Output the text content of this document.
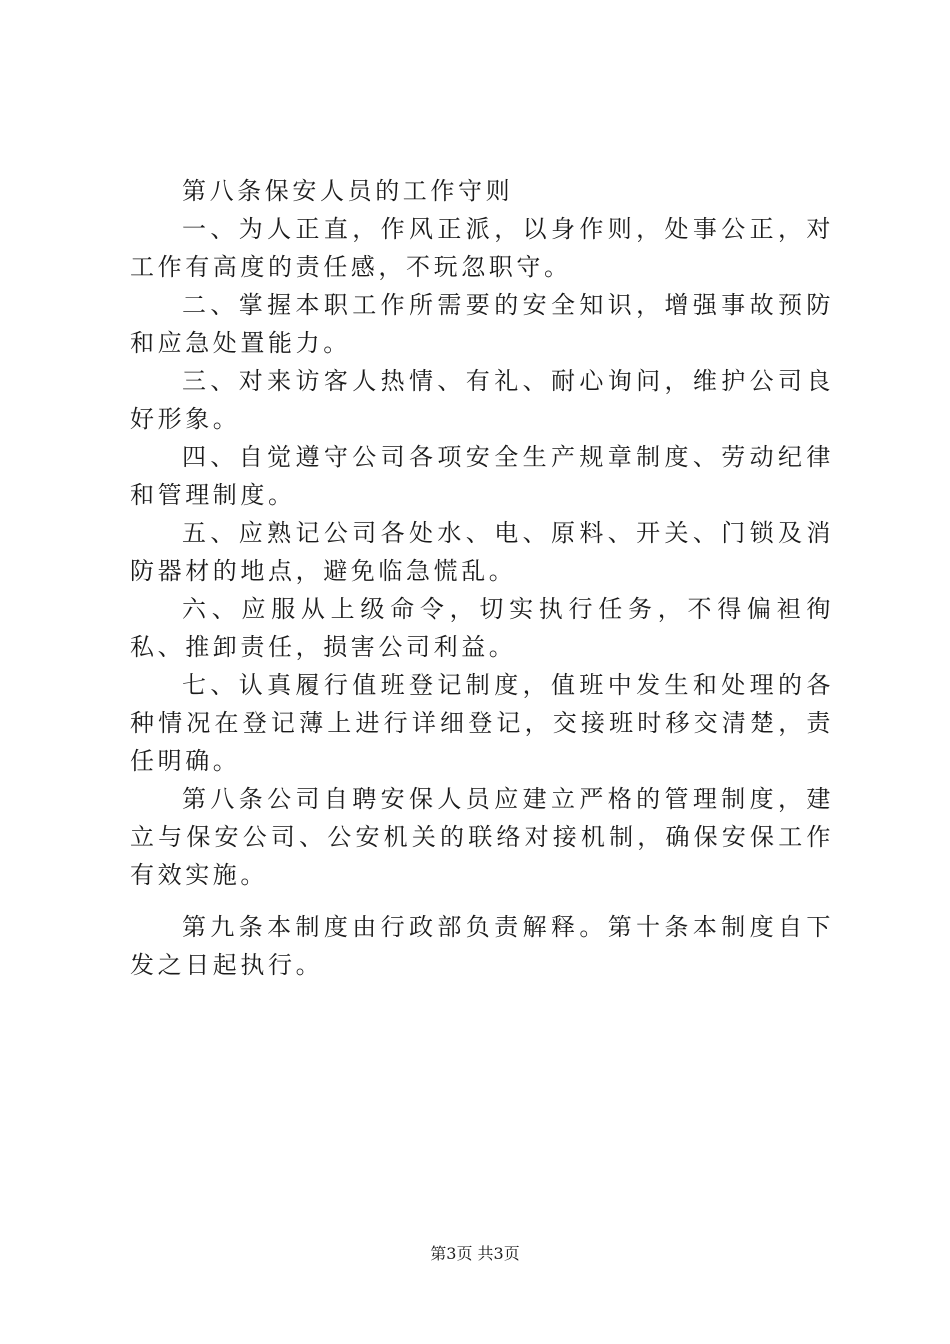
第八条保安人员的工作守则

一、为人正直，作风正派，以身作则，处事公正，对工作有高度的责任感，不玩忽职守。

二、掌握本职工作所需要的安全知识，增强事故预防和应急处置能力。

三、对来访客人热情、有礼、耐心询问，维护公司良好形象。

四、自觉遵守公司各项安全生产规章制度、劳动纪律和管理制度。

五、应熟记公司各处水、电、原料、开关、门锁及消防器材的地点，避免临急慌乱。

六、应服从上级命令，切实执行任务，不得偏袒徇私、推卸责任，损害公司利益。

七、认真履行值班登记制度，值班中发生和处理的各种情况在登记薄上进行详细登记，交接班时移交清楚，责任明确。

第八条公司自聘安保人员应建立严格的管理制度，建立与保安公司、公安机关的联络对接机制，确保安保工作有效实施。

第九条本制度由行政部负责解释。第十条本制度自下发之日起执行。

第3页 共3页
